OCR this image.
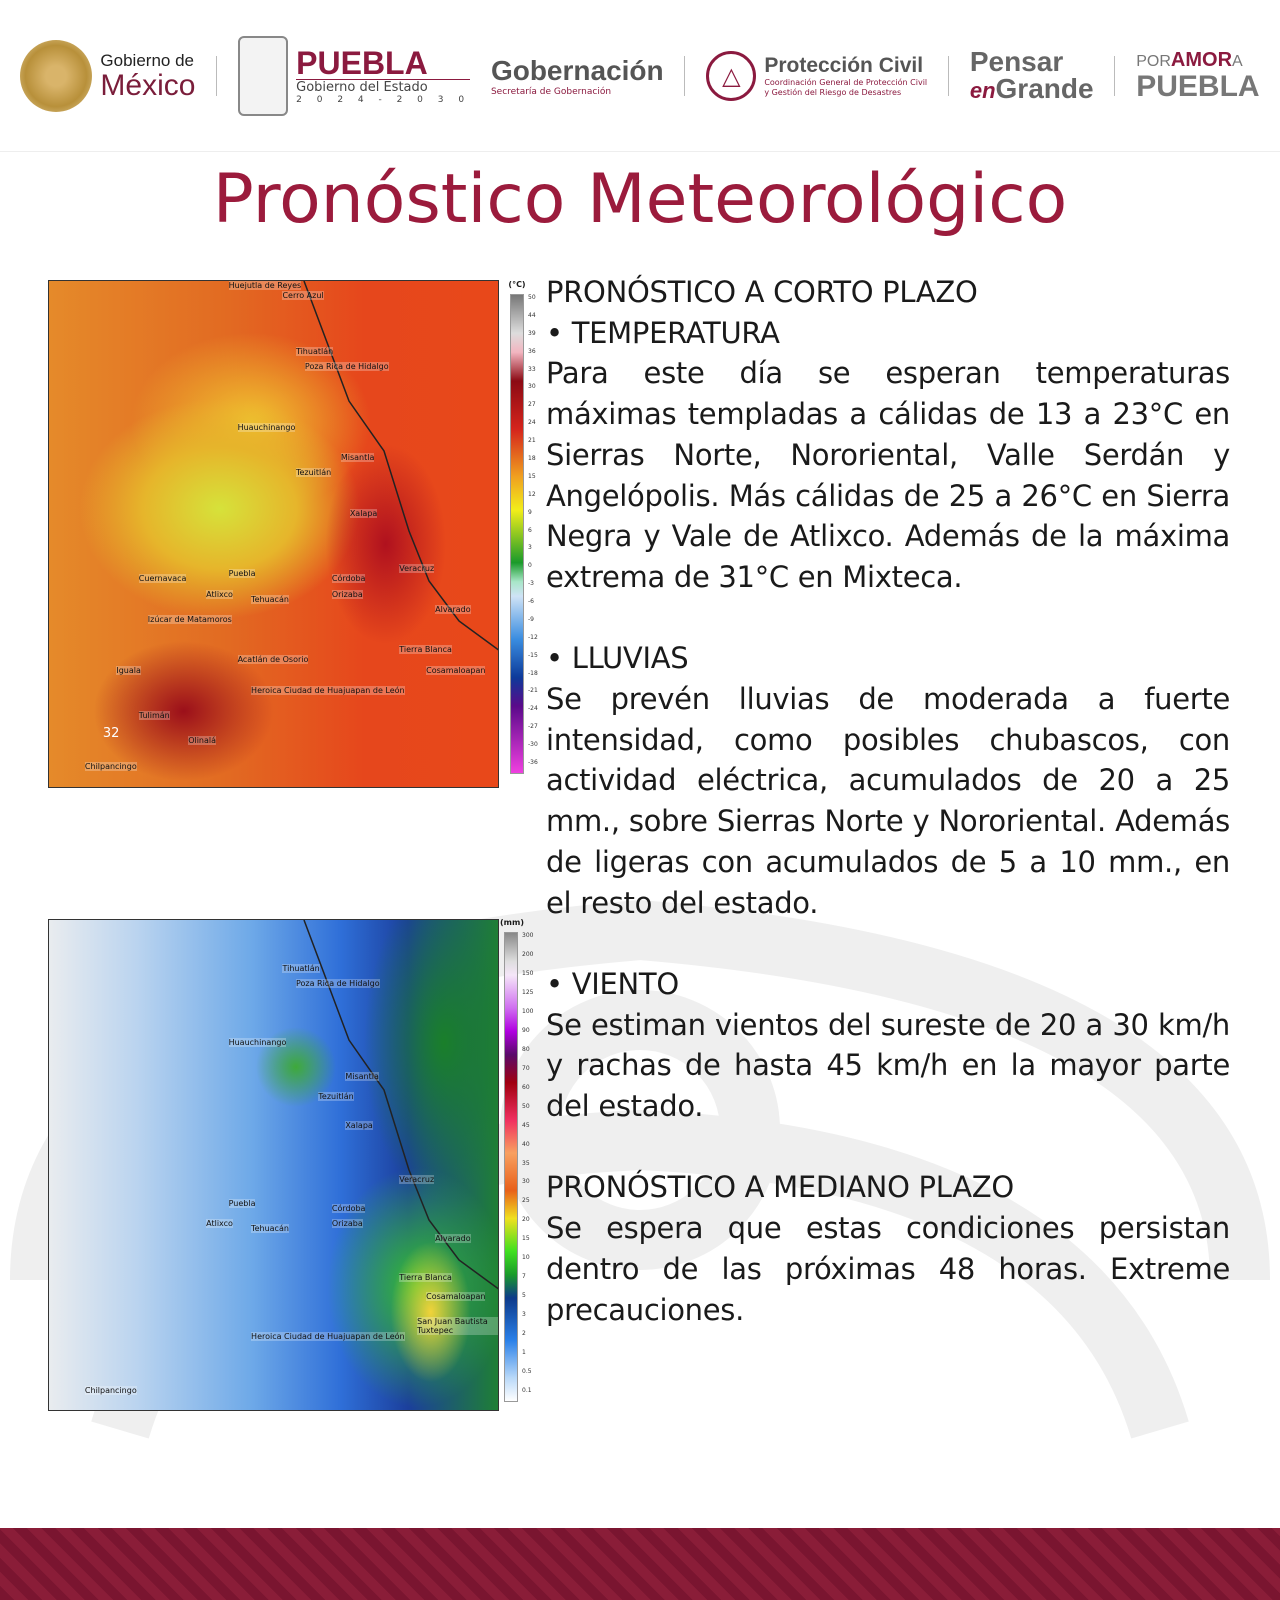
Gobierno de
México
PUEBLA
Gobierno del Estado
2 0 2 4 - 2 0 3 0
Gobernación
Secretaría de Gobernación
△	Protección Civil
Coordinación General de Protección Civil
y Gestión del Riesgo de Desastres
Pensar
enGrande
PORAMORA
PUEBLA
Pronóstico Meteorológico
Huejutla de Reyes
Cerro Azul
Tihuatlán
Poza Rica de Hidalgo
Huauchinango
Tezuitlán
Misantla
Xalapa
Veracruz
Puebla
Atlixco
Tehuacán
Córdoba
Orizaba
Alvarado
Tierra Blanca
Cosamaloapan
Izúcar de Matamoros
Acatlán de Osorio
Heroica Ciudad de Huajuapan de León
Chilpancingo
Iguala
Tulimán
Olinalá
Cuernavaca
32
(°C)
50
44
39
36
33
30
27
24
21
18
15
12
9
6
3
0
-3
-6
-9
-12
-15
-18
-21
-24
-27
-30
-36
Tihuatlán
Poza Rica de Hidalgo
Huauchinango
Misantla
Tezuitlán
Xalapa
Veracruz
Puebla
Atlixco
Tehuacán
Córdoba
Orizaba
Alvarado
Tierra Blanca
Cosamaloapan
San Juan Bautista Tuxtepec
Heroica Ciudad de Huajuapan de León
Chilpancingo
(mm)
300
200
150
125
100
90
80
70
60
50
45
40
35
30
25
20
15
10
7
5
3
2
1
0.5
0.1

PRONÓSTICO A CORTO PLAZO

• TEMPERATURA

Para este día se esperan temperaturas máximas templadas a cálidas de 13 a 23°C en Sierras Norte, Nororiental, Valle Serdán y Angelópolis. Más cálidas de 25 a 26°C en Sierra Negra y Vale de Atlixco. Además de la máxima extrema de 31°C en Mixteca.

• LLUVIAS

Se prevén lluvias de moderada a fuerte intensidad, como posibles chubascos, con actividad eléctrica, acumulados de 20 a 25 mm., sobre Sierras Norte y Nororiental. Además de ligeras con acumulados de 5 a 10 mm., en el resto del estado.

• VIENTO

Se estiman vientos del sureste de 20 a 30 km/h y rachas de hasta 45 km/h en la mayor parte del estado.

PRONÓSTICO A MEDIANO PLAZO

Se espera que estas condiciones persistan dentro de las próximas 48 horas. Extreme precauciones.
